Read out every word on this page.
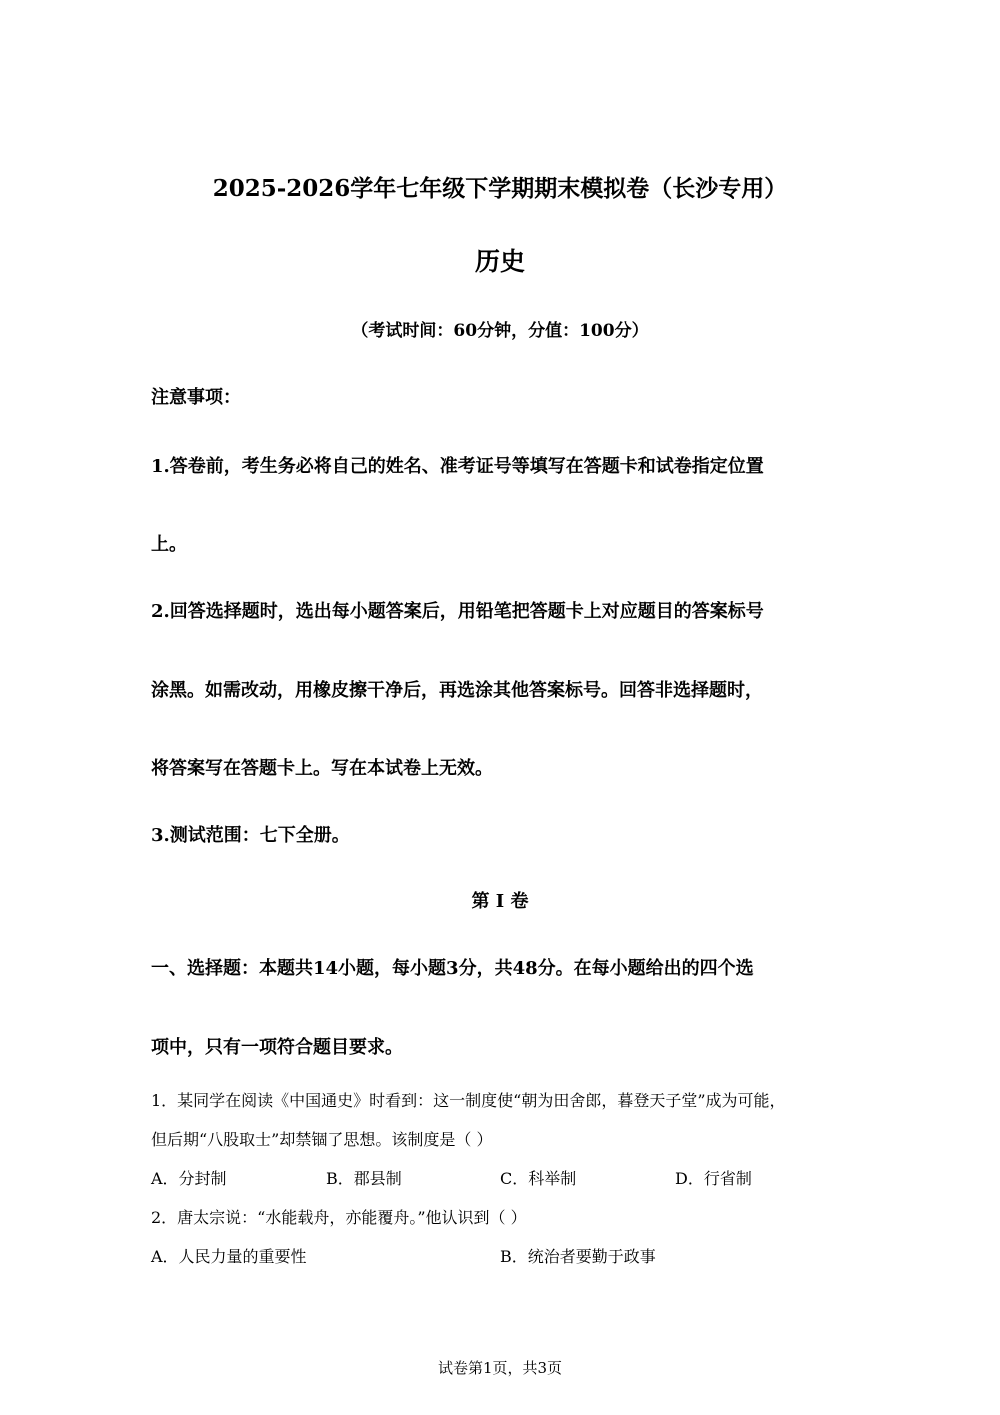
2025-2026学年七年级下学期期末模拟卷（长沙专用）
历史
（考试时间：60分钟，分值：100分）
注意事项：
1.答卷前，考生务必将自己的姓名、准考证号等填写在答题卡和试卷指定位置
上。
2.回答选择题时，选出每小题答案后，用铅笔把答题卡上对应题目的答案标号
涂黑。如需改动，用橡皮擦干净后，再选涂其他答案标号。回答非选择题时，
将答案写在答题卡上。写在本试卷上无效。
3.测试范围：七下全册。
第 I 卷
一、选择题：本题共14小题，每小题3分，共48分。在每小题给出的四个选
项中，只有一项符合题目要求。
1．某同学在阅读《中国通史》时看到：这一制度使“朝为田舍郎，暮登天子堂”成为可能，
但后期“八股取士”却禁锢了思想。该制度是（ ）
A．分封制	B．郡县制	C．科举制	D．行省制
2．唐太宗说：“水能载舟，亦能覆舟。”他认识到（ ）
A．人民力量的重要性	B．统治者要勤于政事
试卷第1页，共3页
